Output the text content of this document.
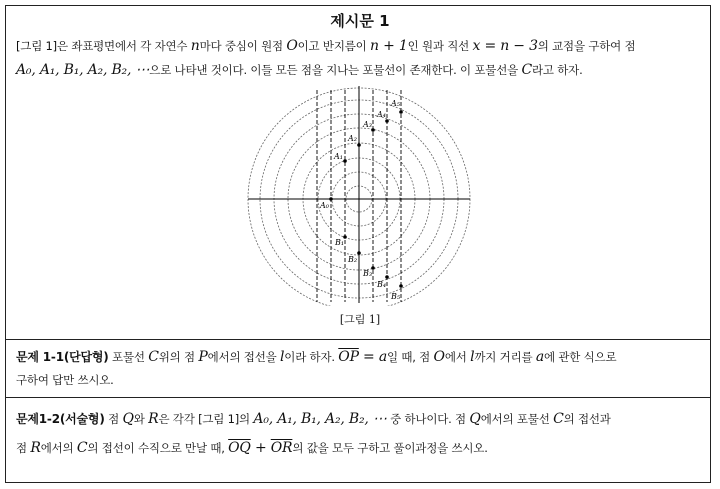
제시문 1
[그림 1]은 좌표평면에서 각 자연수 n마다 중심이 원점 O이고 반지름이 n + 1인 원과 직선 x = n − 3의 교점을 구하여 점
A₀, A₁, B₁, A₂, B₂, ⋯으로 나타낸 것이다. 이들 모든 점을 지나는 포물선이 존재한다. 이 포물선을 C라고 하자.
A₀
A₁
A₂
A₃
A₄
A₅
B₁
B₂
B₃
B₄
B₅
[그림 1]
문제 1-1(단답형) 포물선 C위의 점 P에서의 접선을 l이라 하자. $\overline{OP} = a$일 때, 점 O에서 l까지 거리를 a에 관한 식으로
구하여 답만 쓰시오.
문제1-2(서술형) 점 Q와 R은 각각 [그림 1]의 A₀, A₁, B₁, A₂, B₂, ⋯ 중 하나이다. 점 Q에서의 포물선 C의 접선과
점 R에서의 C의 접선이 수직으로 만날 때, $\overline{OQ} + \overline{OR}$의 값을 모두 구하고 풀이과정을 쓰시오.
